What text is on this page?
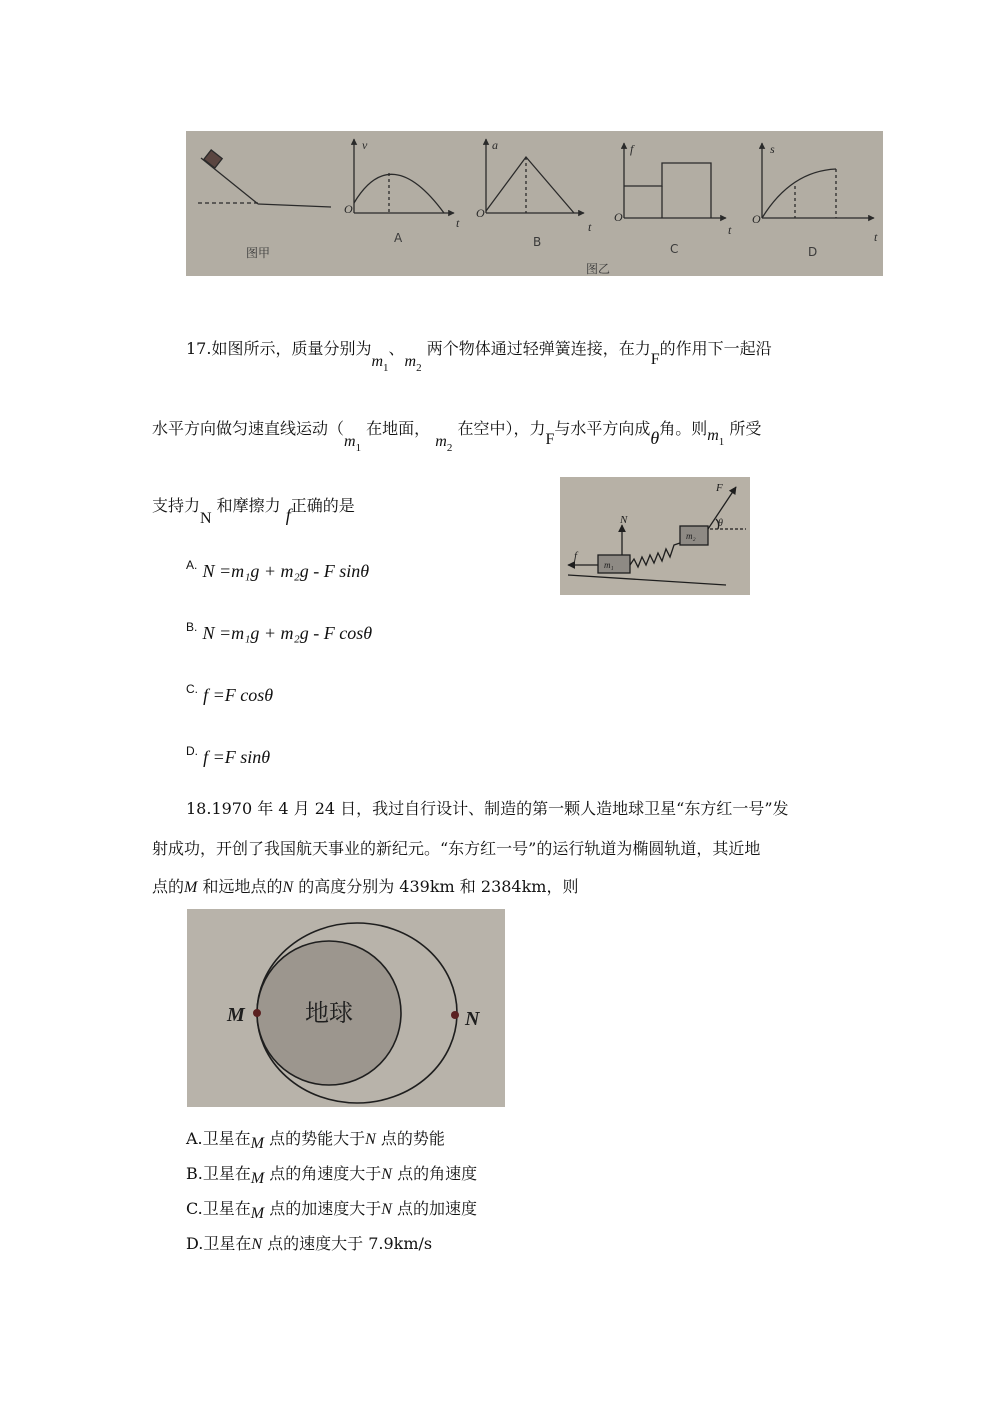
v
t
O
a
t
O
f
t
O
s
t
O
图甲
A	B	C	D
图乙
17.如图所示，质量分别为$m_1$、$m_2$ 两个物体通过轻弹簧连接，在力F的作用下一起沿
水平方向做匀速直线运动（$m_1$ 在地面， $m_2$ 在空中），力F与水平方向成θ角。则$m_1$ 所受
支持力N 和摩擦力 f正确的是
N
f
F
m₁
m₂
θ
$^{A.}$ N =m₁g + m₂g - F sinθ
$^{B.}$ N =m₁g + m₂g - F cosθ
$^{C.}$ f =F cosθ
$^{D.}$ f =F sinθ
18.1970 年 4 月 24 日，我过自行设计、制造的第一颗人造地球卫星“东方红一号”发
射成功，开创了我国航天事业的新纪元。“东方红一号”的运行轨道为椭圆轨道，其近地
点的M 和远地点的N 的高度分别为 439km 和 2384km，则
地球
M	N
A.卫星在M 点的势能大于N 点的势能
B.卫星在M 点的角速度大于N 点的角速度
C.卫星在M 点的加速度大于N 点的加速度
D.卫星在N 点的速度大于 7.9km/s
